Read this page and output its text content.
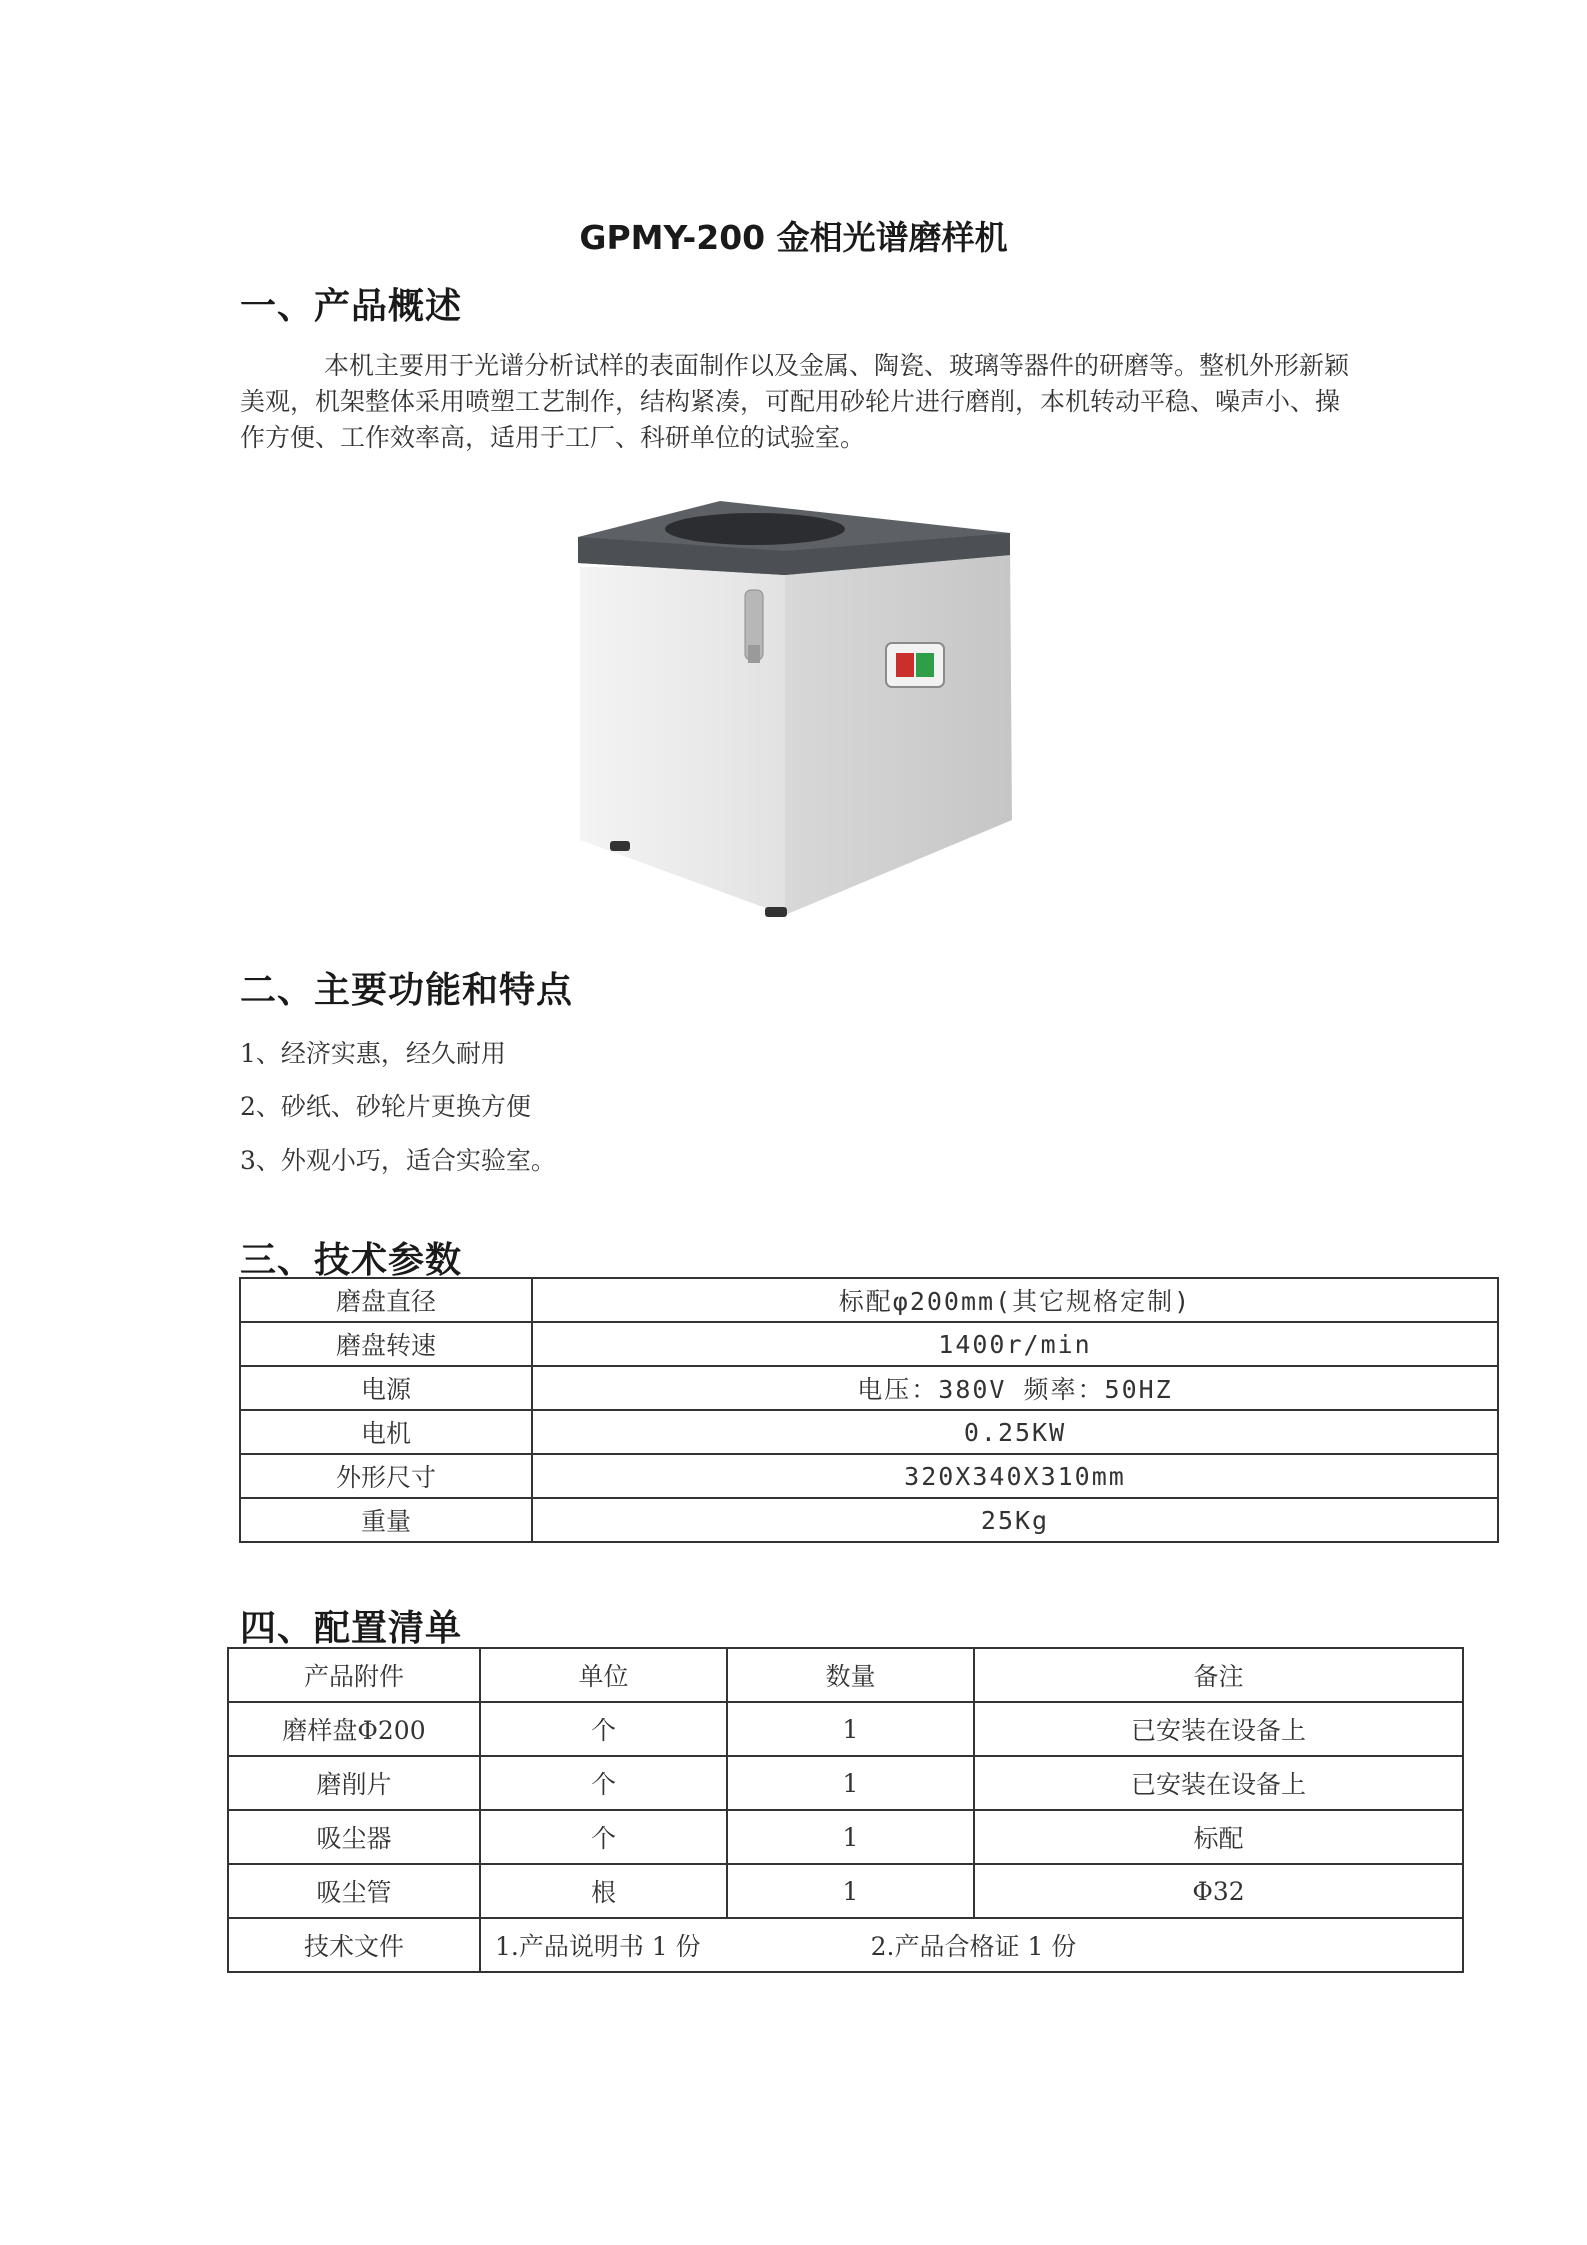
GPMY-200 金相光谱磨样机
一、产品概述

本机主要用于光谱分析试样的表面制作以及金属、陶瓷、玻璃等器件的研磨等。整机外形新颖美观，机架整体采用喷塑工艺制作，结构紧凑，可配用砂轮片进行磨削，本机转动平稳、噪声小、操作方便、工作效率高，适用于工厂、科研单位的试验室。

二、主要功能和特点
1、经济实惠，经久耐用
2、砂纸、砂轮片更换方便
3、外观小巧，适合实验室。
三、技术参数
磨盘直径	标配φ200mm(其它规格定制)
磨盘转速	1400r/min
电源	电压：380V 频率：50HZ
电机	0.25KW
外形尺寸	320X340X310mm
重量	25Kg
四、配置清单
产品附件	单位	数量	备注
磨样盘Φ200	个	1	已安装在设备上
磨削片	个	1	已安装在设备上
吸尘器	个	1	标配
吸尘管	根	1	Φ32
技术文件	1.产品说明书 1 份 2.产品合格证 1 份		
